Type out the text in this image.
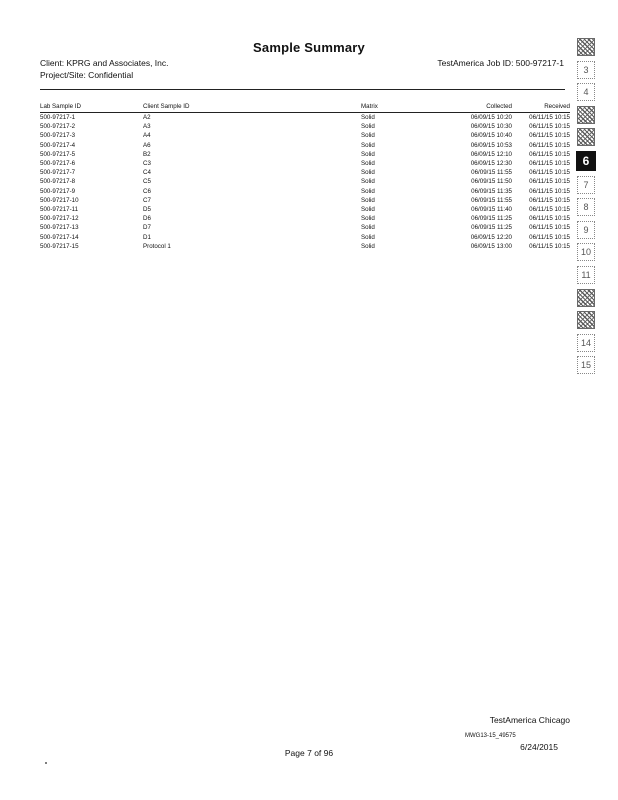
Sample Summary
Client: KPRG and Associates, Inc.	TestAmerica Job ID: 500-97217-1
Project/Site: Confidential
Lab Sample ID	Client Sample ID	Matrix	Collected	Received
500-97217-1	A2	Solid	06/09/15 10:20	06/11/15 10:15
500-97217-2	A3	Solid	06/09/15 10:30	06/11/15 10:15
500-97217-3	A4	Solid	06/09/15 10:40	06/11/15 10:15
500-97217-4	A6	Solid	06/09/15 10:53	06/11/15 10:15
500-97217-5	B2	Solid	06/09/15 12:10	06/11/15 10:15
500-97217-6	C3	Solid	06/09/15 12:30	06/11/15 10:15
500-97217-7	C4	Solid	06/09/15 11:55	06/11/15 10:15
500-97217-8	C5	Solid	06/09/15 11:50	06/11/15 10:15
500-97217-9	C6	Solid	06/09/15 11:35	06/11/15 10:15
500-97217-10	C7	Solid	06/09/15 11:55	06/11/15 10:15
500-97217-11	D5	Solid	06/09/15 11:40	06/11/15 10:15
500-97217-12	D6	Solid	06/09/15 11:25	06/11/15 10:15
500-97217-13	D7	Solid	06/09/15 11:25	06/11/15 10:15
500-97217-14	D1	Solid	06/09/15 12:20	06/11/15 10:15
500-97217-15	Protocol 1	Solid	06/09/15 13:00	06/11/15 10:15
3
4
6
7
8
9
10
11
14
15
TestAmerica Chicago
MWG13-15_49575
Page 7 of 96
6/24/2015
